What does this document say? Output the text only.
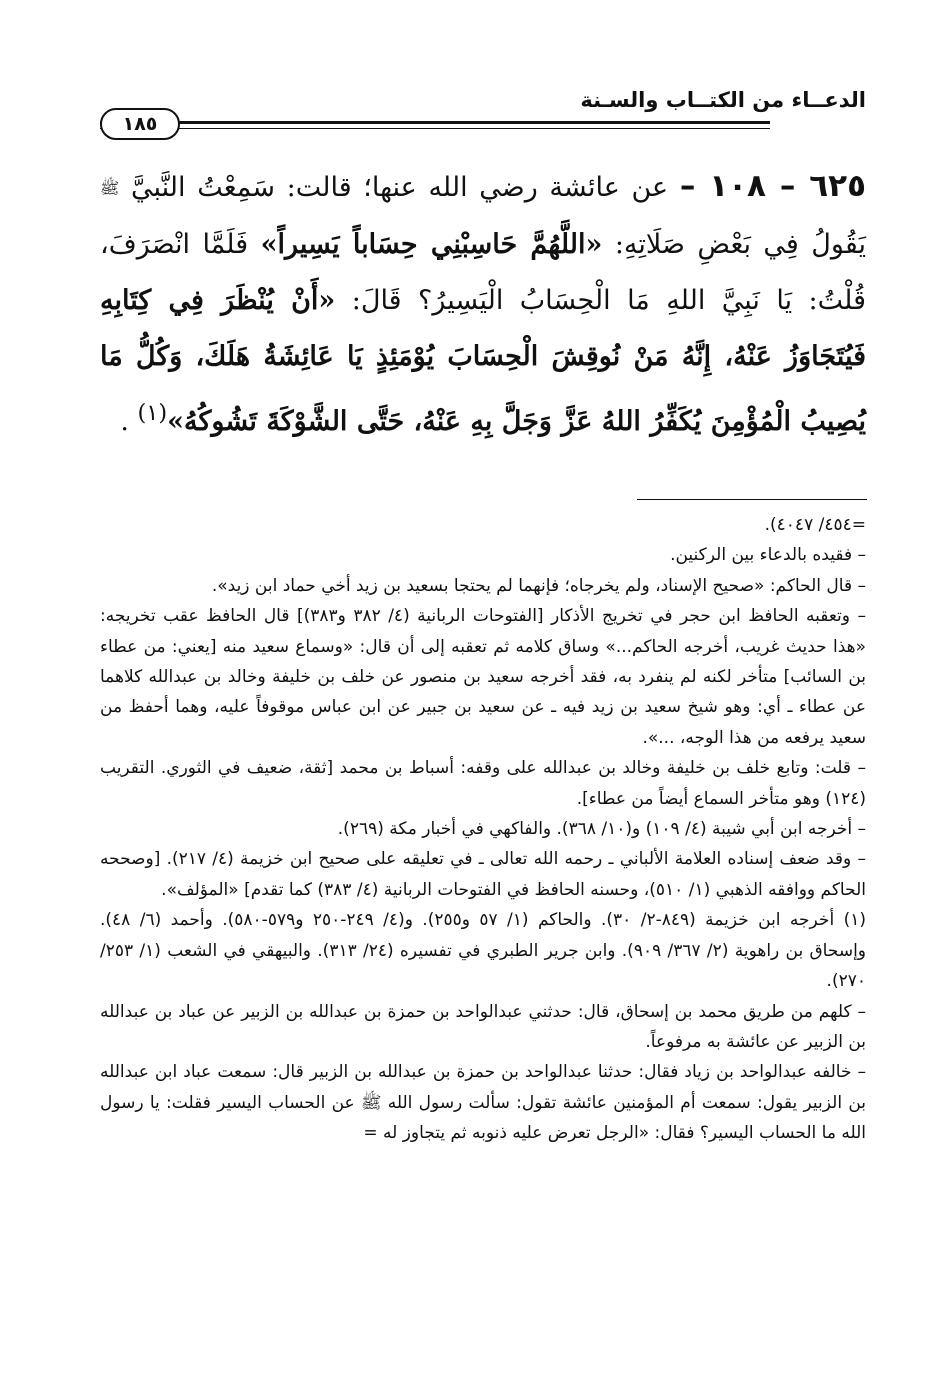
الدعــاء من الكتــاب والسـنة
١٨٥

٦٢٥ – ١٠٨ – عن عائشة رضي الله عنها؛ قالت: سَمِعْتُ النَّبيَّ ﷺ يَقُولُ فِي بَعْضِ صَلَاتِهِ: «اللَّهُمَّ حَاسِبْنِي حِسَاباً يَسِيراً» فَلَمَّا انْصَرَفَ، قُلْتُ: يَا نَبِيَّ اللهِ مَا الْحِسَابُ الْيَسِيرُ؟ قَالَ: «أَنْ يُنْظَرَ فِي كِتَابِهِ فَيُتَجَاوَزُ عَنْهُ، إِنَّهُ مَنْ نُوقِشَ الْحِسَابَ يُوْمَئِذٍ يَا عَائِشَةُ هَلَكَ، وَكُلُّ مَا يُصِيبُ الْمُؤْمِنَ يُكَفِّرُ اللهُ عَزَّ وَجَلَّ بِهِ عَنْهُ، حَتَّى الشَّوْكَةَ تَشُوكُهُ»$^{(١)}$ .

=٤٥٤/ ٤٠٤٧).

– فقيده بالدعاء بين الركنين.

– قال الحاكم: «صحيح الإسناد، ولم يخرجاه؛ فإنهما لم يحتجا بسعيد بن زيد أخي حماد ابن زيد».

– وتعقبه الحافظ ابن حجر في تخريج الأذكار [الفتوحات الربانية (٤/ ٣٨٢ و٣٨٣)] قال الحافظ عقب تخريجه: «هذا حديث غريب، أخرجه الحاكم...» وساق كلامه ثم تعقبه إلى أن قال: «وسماع سعيد منه [يعني: من عطاء بن السائب] متأخر لكنه لم ينفرد به، فقد أخرجه سعيد بن منصور عن خلف بن خليفة وخالد بن عبدالله كلاهما عن عطاء ـ أي: وهو شيخ سعيد بن زيد فيه ـ عن سعيد بن جبير عن ابن عباس موقوفاً عليه، وهما أحفظ من سعيد يرفعه من هذا الوجه، ...».

– قلت: وتابع خلف بن خليفة وخالد بن عبدالله على وقفه: أسباط بن محمد [ثقة، ضعيف في الثوري. التقريب (١٢٤) وهو متأخر السماع أيضاً من عطاء].

– أخرجه ابن أبي شيبة (٤/ ١٠٩) و(١٠/ ٣٦٨). والفاكهي في أخبار مكة (٢٦٩).

– وقد ضعف إسناده العلامة الألباني ـ رحمه الله تعالى ـ في تعليقه على صحيح ابن خزيمة (٤/ ٢١٧). [وصححه الحاكم ووافقه الذهبي (١/ ٥١٠)، وحسنه الحافظ في الفتوحات الربانية (٤/ ٣٨٣) كما تقدم] «المؤلف».

(١) أخرجه ابن خزيمة (٨٤٩-٢/ ٣٠). والحاكم (١/ ٥٧ و٢٥٥). و(٤/ ٢٤٩-٢٥٠ و٥٧٩-٥٨٠). وأحمد (٦/ ٤٨). وإسحاق بن راهوية (٢/ ٣٦٧/ ٩٠٩). وابن جرير الطبري في تفسيره (٢٤/ ٣١٣). والبيهقي في الشعب (١/ ٢٥٣/ ٢٧٠).

– كلهم من طريق محمد بن إسحاق، قال: حدثني عبدالواحد بن حمزة بن عبدالله بن الزبير عن عباد بن عبدالله بن الزبير عن عائشة به مرفوعاً.

– خالفه عبدالواحد بن زياد فقال: حدثنا عبدالواحد بن حمزة بن عبدالله بن الزبير قال: سمعت عباد ابن عبدالله بن الزبير يقول: سمعت أم المؤمنين عائشة تقول: سألت رسول الله ﷺ عن الحساب اليسير فقلت: يا رسول الله ما الحساب اليسير؟ فقال: «الرجل تعرض عليه ذنوبه ثم يتجاوز له =
